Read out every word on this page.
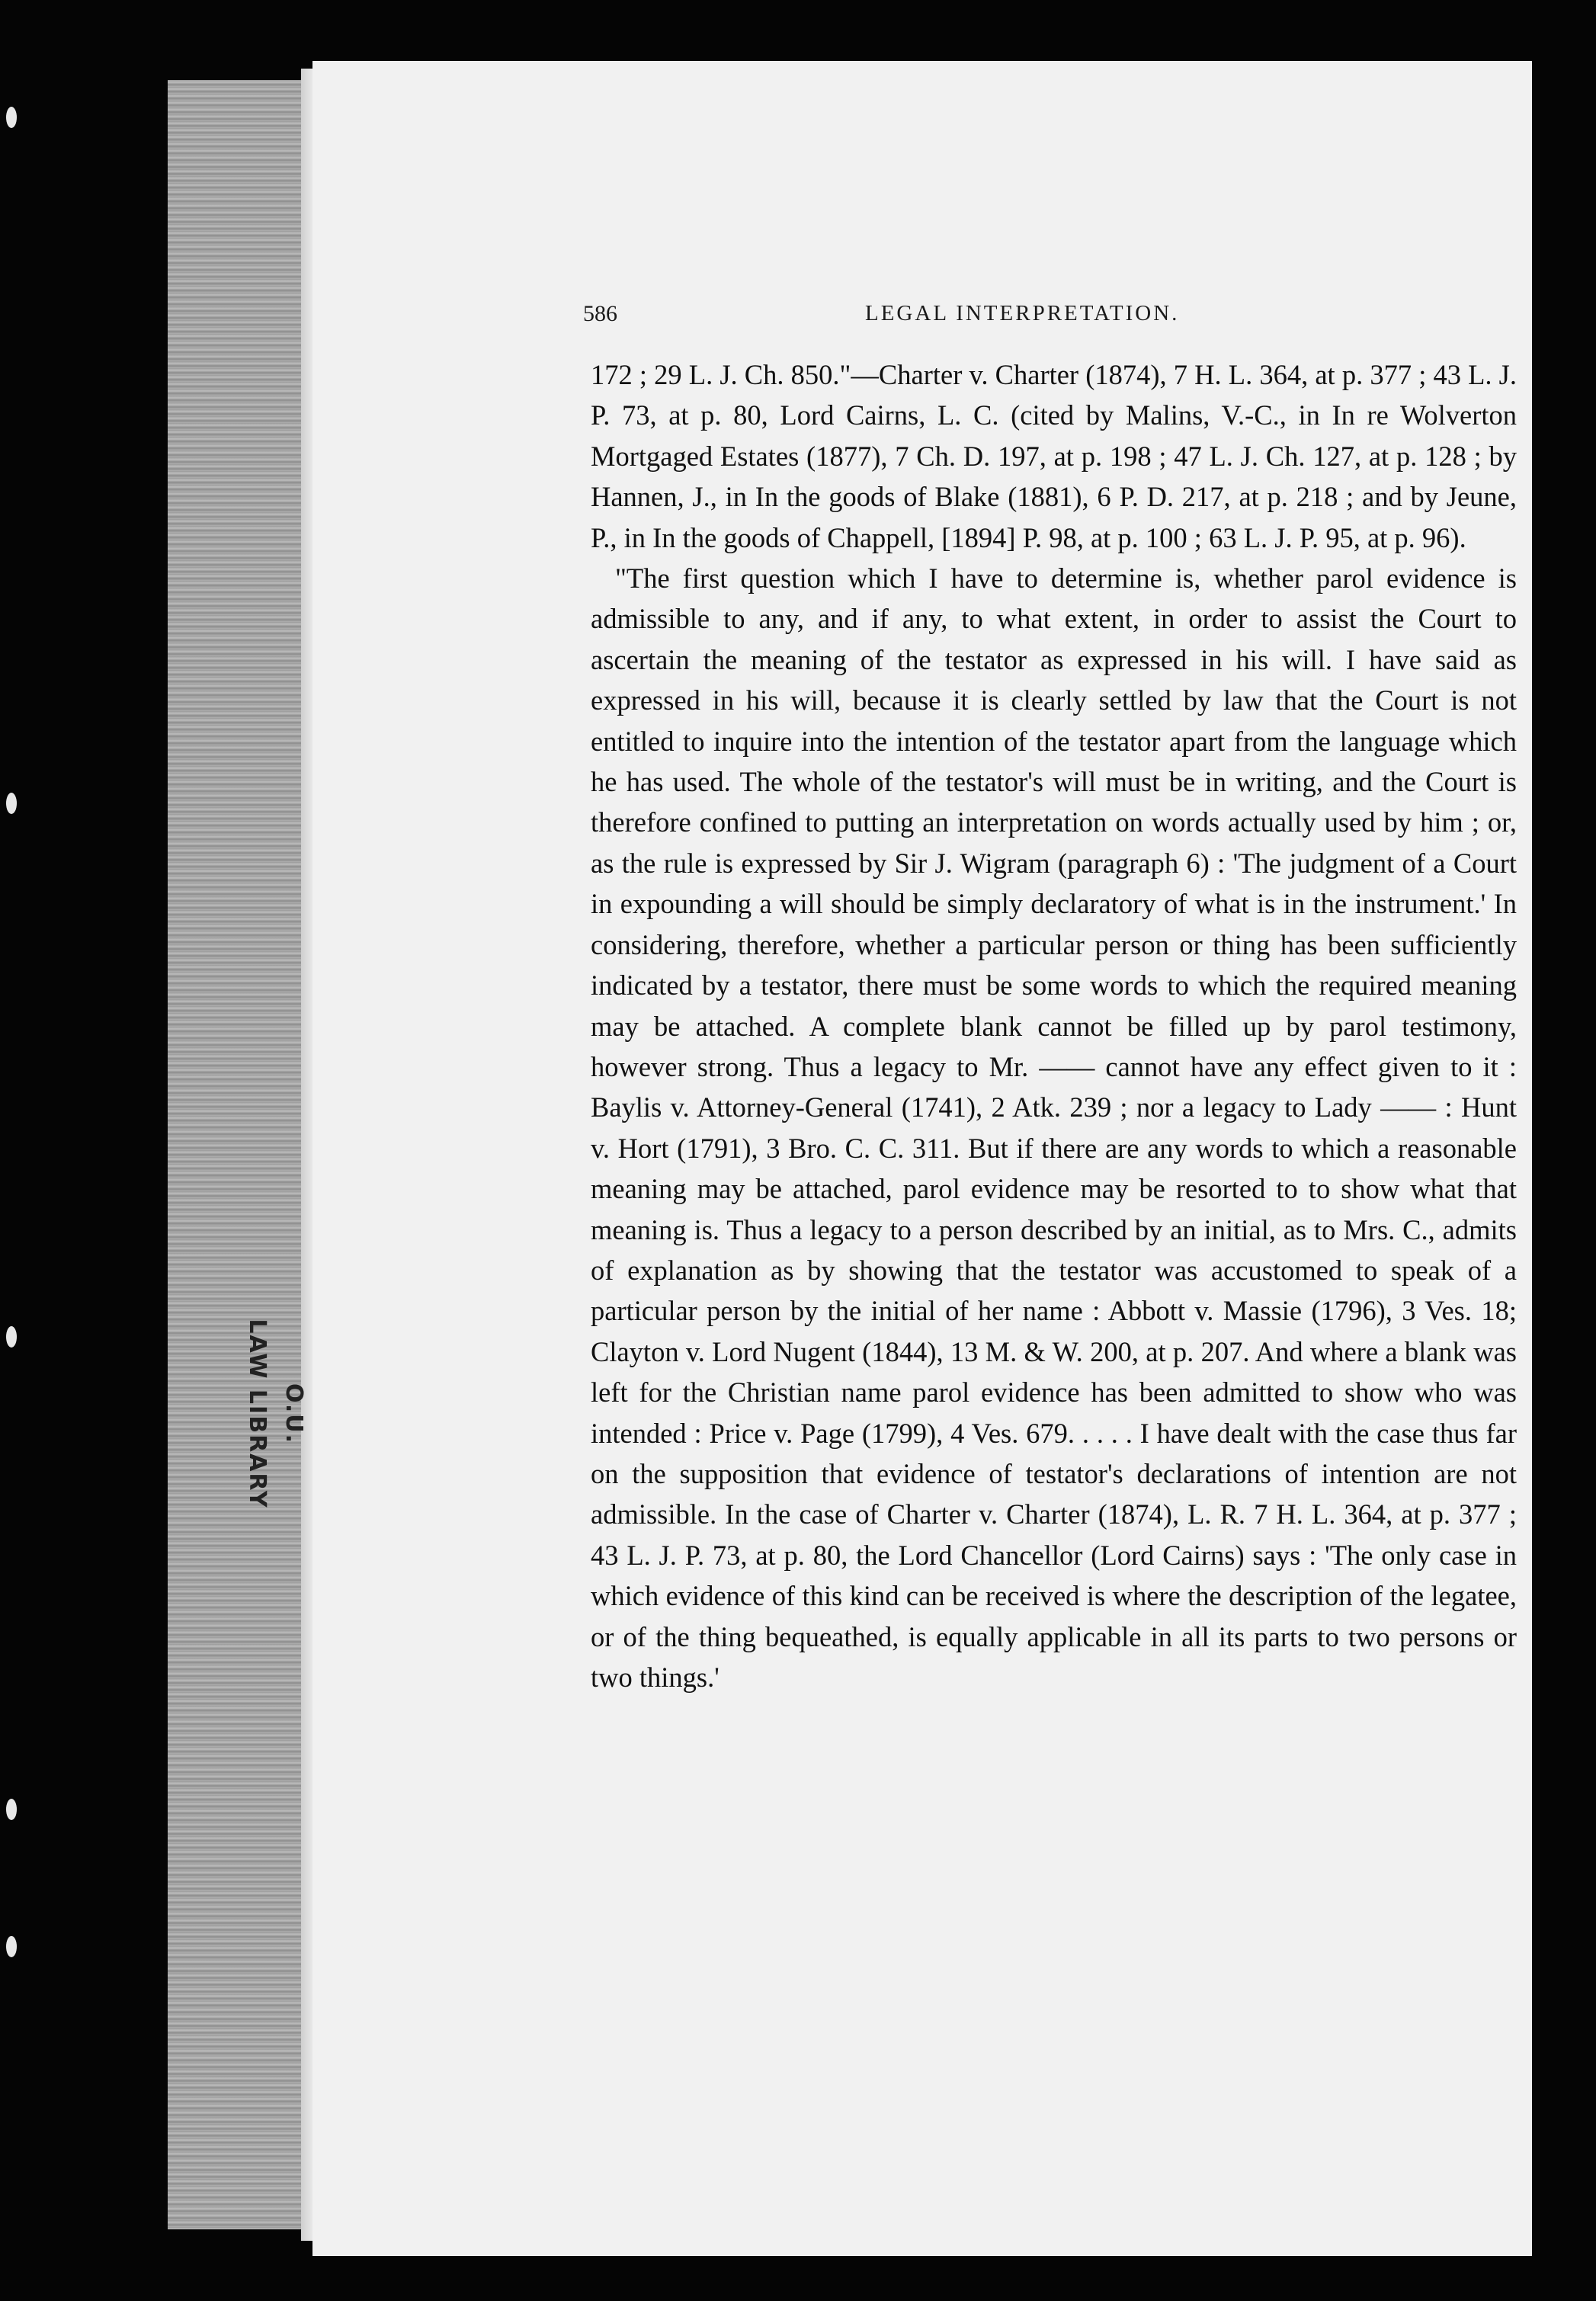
O.U.
LAW LIBRARY
586	LEGAL INTERPRETATION.

172 ; 29 L. J. Ch. 850."—Charter v. Charter (1874), 7 H. L. 364, at p. 377 ; 43 L. J. P. 73, at p. 80, Lord Cairns, L. C. (cited by Malins, V.-C., in In re Wolverton Mortgaged Estates (1877), 7 Ch. D. 197, at p. 198 ; 47 L. J. Ch. 127, at p. 128 ; by Hannen, J., in In the goods of Blake (1881), 6 P. D. 217, at p. 218 ; and by Jeune, P., in In the goods of Chappell, [1894] P. 98, at p. 100 ; 63 L. J. P. 95, at p. 96).

"The first question which I have to determine is, whether parol evidence is admissible to any, and if any, to what extent, in order to assist the Court to ascertain the meaning of the testator as expressed in his will. I have said as expressed in his will, because it is clearly settled by law that the Court is not entitled to inquire into the intention of the testator apart from the language which he has used. The whole of the testator's will must be in writing, and the Court is therefore confined to putting an interpretation on words actually used by him ; or, as the rule is expressed by Sir J. Wigram (paragraph 6) : 'The judgment of a Court in expounding a will should be simply declaratory of what is in the instrument.' In considering, therefore, whether a particular person or thing has been sufficiently indicated by a testator, there must be some words to which the required meaning may be attached. A complete blank cannot be filled up by parol testimony, however strong. Thus a legacy to Mr. —— cannot have any effect given to it : Baylis v. Attorney-General (1741), 2 Atk. 239 ; nor a legacy to Lady —— : Hunt v. Hort (1791), 3 Bro. C. C. 311. But if there are any words to which a reasonable meaning may be attached, parol evidence may be resorted to to show what that meaning is. Thus a legacy to a person described by an initial, as to Mrs. C., admits of explanation as by showing that the testator was accustomed to speak of a particular person by the initial of her name : Abbott v. Massie (1796), 3 Ves. 18; Clayton v. Lord Nugent (1844), 13 M. & W. 200, at p. 207. And where a blank was left for the Christian name parol evidence has been admitted to show who was intended : Price v. Page (1799), 4 Ves. 679. . . . . I have dealt with the case thus far on the supposition that evidence of testator's declarations of intention are not admissible. In the case of Charter v. Charter (1874), L. R. 7 H. L. 364, at p. 377 ; 43 L. J. P. 73, at p. 80, the Lord Chancellor (Lord Cairns) says : 'The only case in which evidence of this kind can be received is where the description of the legatee, or of the thing bequeathed, is equally applicable in all its parts to two persons or two things.'
